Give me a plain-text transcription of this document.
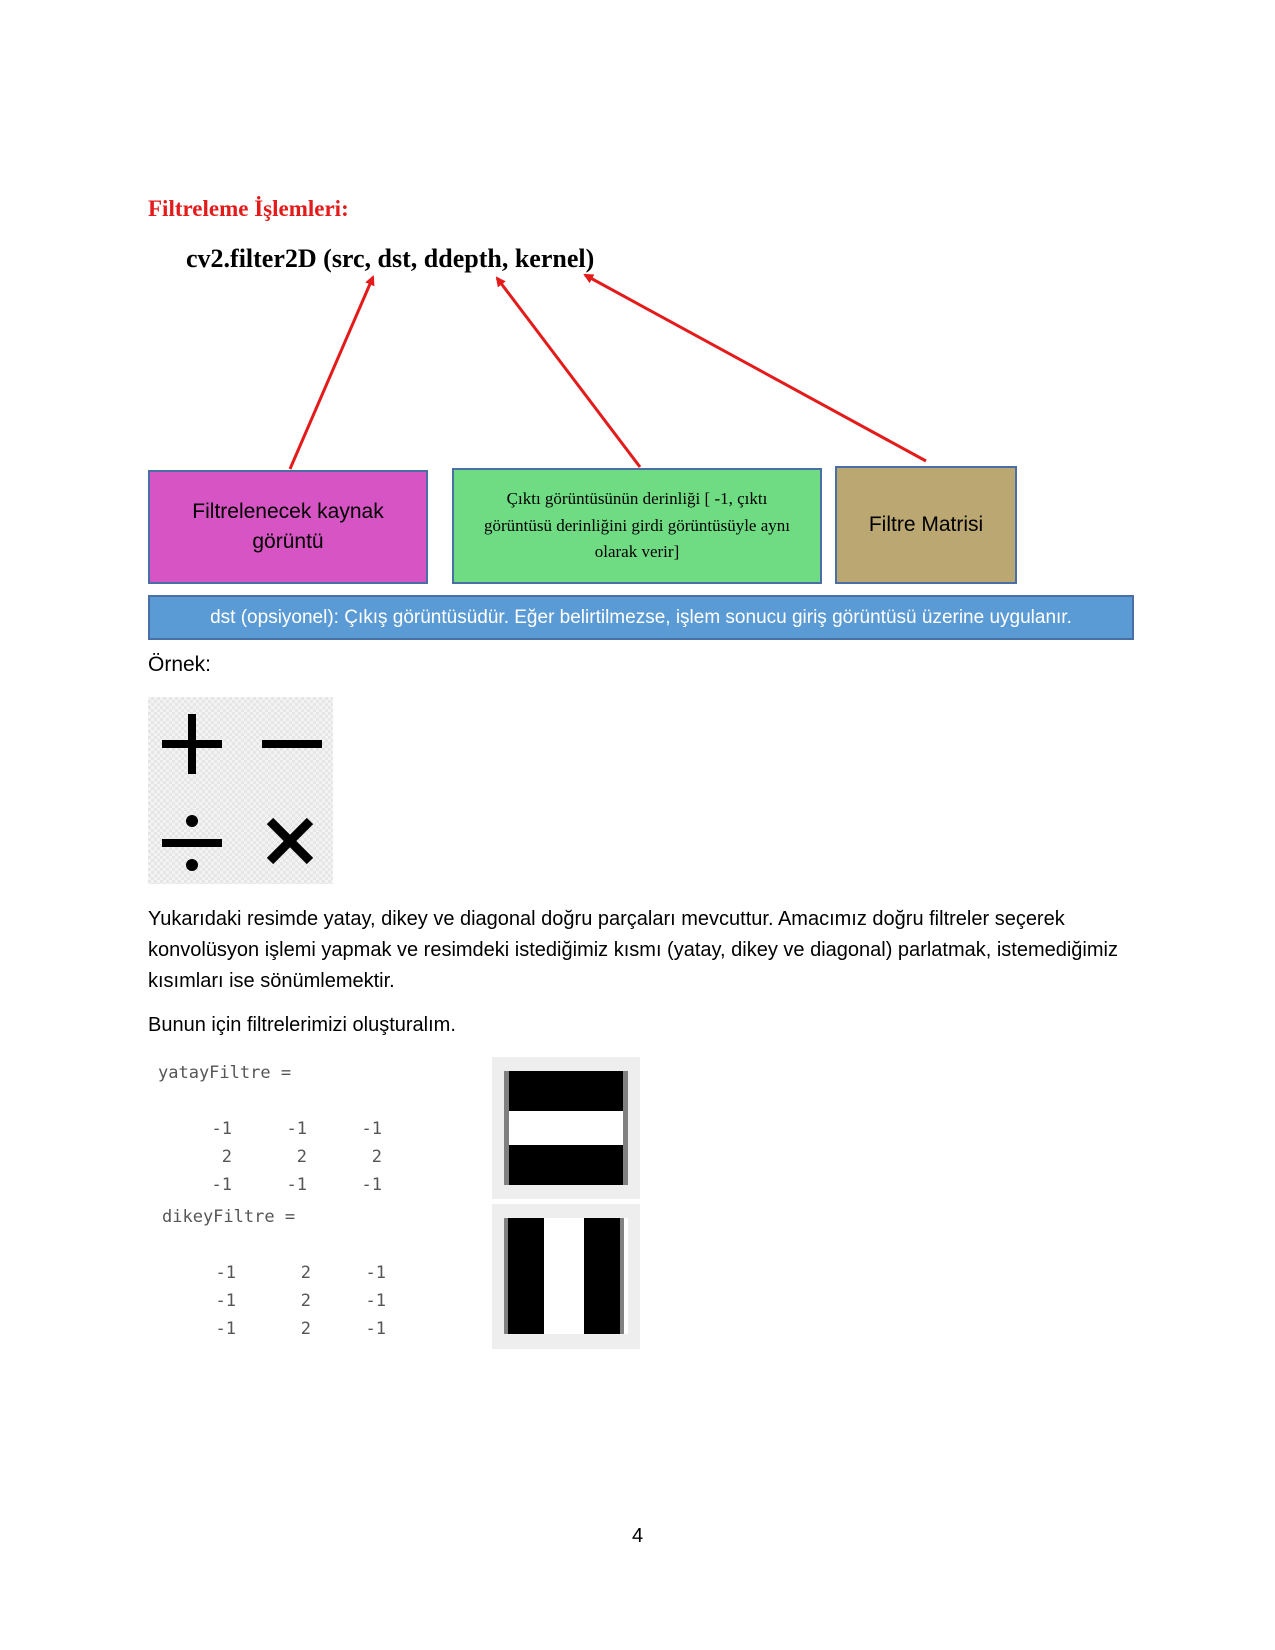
Filtreleme İşlemleri:
cv2.filter2D (src, dst, ddepth, kernel)
Filtrelenecek kaynak görüntü
Çıktı görüntüsünün derinliği [ -1, çıktı görüntüsü derinliğini girdi görüntüsüyle aynı olarak verir]
Filtre Matrisi
dst (opsiyonel): Çıkış görüntüsüdür. Eğer belirtilmezse, işlem sonucu giriş görüntüsü üzerine uygulanır.
Örnek:
Yukarıdaki resimde yatay, dikey ve diagonal doğru parçaları mevcuttur. Amacımız doğru filtreler seçerek konvolüsyon işlemi yapmak ve resimdeki istediğimiz kısmı (yatay, dikey ve diagonal) parlatmak, istemediğimiz kısımları ise sönümlemektir.
Bunun için filtrelerimizi oluşturalım.
yatayFiltre =
-1	-1	-1
2	2	2
-1	-1	-1
dikeyFiltre =
-1	2	-1
-1	2	-1
-1	2	-1
4
